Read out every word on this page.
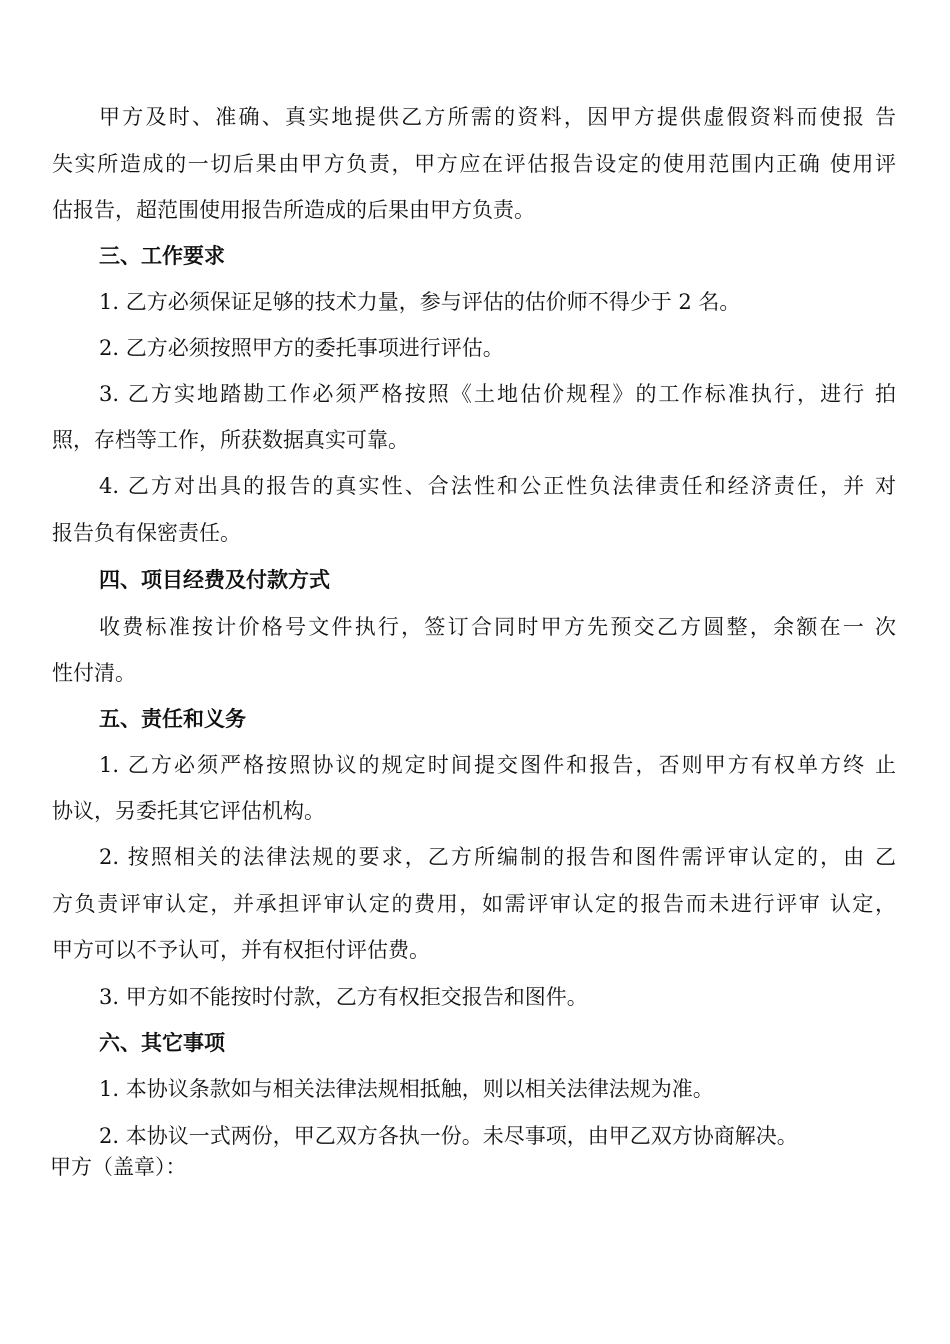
甲方及时、准确、真实地提供乙方所需的资料，因甲方提供虚假资料而使报 告
失实所造成的一切后果由甲方负责，甲方应在评估报告设定的使用范围内正确 使用评
估报告，超范围使用报告所造成的后果由甲方负责。
三、工作要求
1. 乙方必须保证足够的技术力量，参与评估的估价师不得少于 2 名。
2. 乙方必须按照甲方的委托事项进行评估。
3. 乙方实地踏勘工作必须严格按照《土地估价规程》的工作标准执行，进行 拍
照，存档等工作，所获数据真实可靠。
4. 乙方对出具的报告的真实性、合法性和公正性负法律责任和经济责任，并 对
报告负有保密责任。
四、项目经费及付款方式
收费标准按计价格号文件执行，签订合同时甲方先预交乙方圆整，余额在一 次
性付清。
五、责任和义务
1. 乙方必须严格按照协议的规定时间提交图件和报告，否则甲方有权单方终 止
协议，另委托其它评估机构。
2. 按照相关的法律法规的要求，乙方所编制的报告和图件需评审认定的，由 乙
方负责评审认定，并承担评审认定的费用，如需评审认定的报告而未进行评审 认定，
甲方可以不予认可，并有权拒付评估费。
3. 甲方如不能按时付款，乙方有权拒交报告和图件。
六、其它事项
1. 本协议条款如与相关法律法规相抵触，则以相关法律法规为准。
2. 本协议一式两份，甲乙双方各执一份。未尽事项，由甲乙双方协商解决。
甲方（盖章）：
